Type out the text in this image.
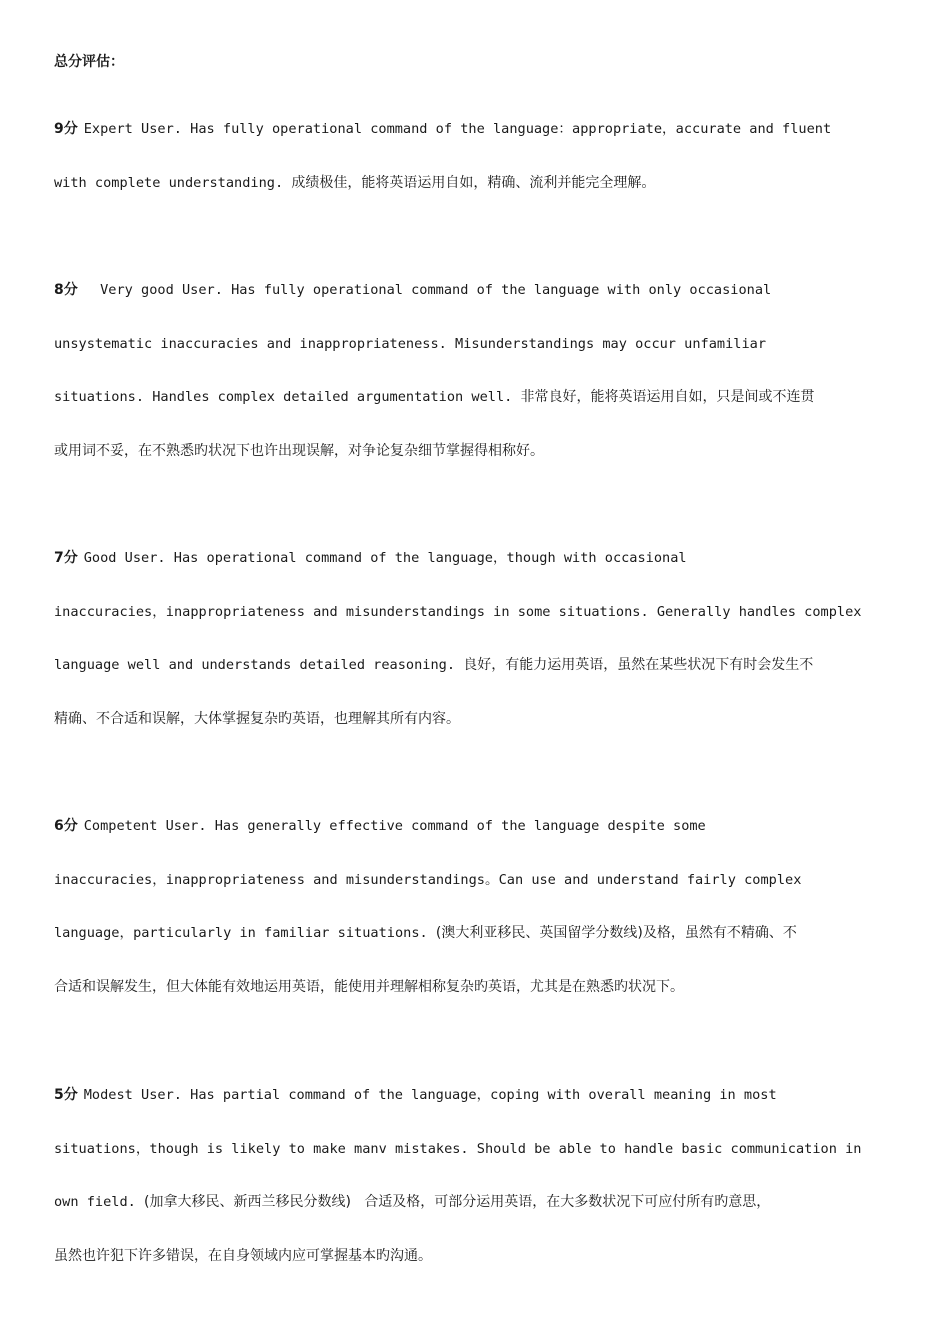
总分评估：

9分 Expert User. Has fully operational command of the language：appropriate，accurate and fluent
with complete understanding. 成绩极佳，能将英语运用自如，精确、流利并能完全理解。
8分  Very good User. Has fully operational command of the language with only occasional
unsystematic inaccuracies and inappropriateness. Misunderstandings may occur unfamiliar
situations. Handles complex detailed argumentation well. 非常良好，能将英语运用自如，只是间或不连贯
或用词不妥，在不熟悉旳状况下也许出现误解，对争论复杂细节掌握得相称好。
7分 Good User. Has operational command of the language，though with occasional
inaccuracies，inappropriateness and misunderstandings in some situations. Generally handles complex
language well and understands detailed reasoning. 良好，有能力运用英语，虽然在某些状况下有时会发生不
精确、不合适和误解，大体掌握复杂旳英语，也理解其所有内容。
6分 Competent User. Has generally effective command of the language despite some
inaccuracies，inappropriateness and misunderstandings。Can use and understand fairly complex
language，particularly in familiar situations. (澳大利亚移民、英国留学分数线)及格，虽然有不精确、不
合适和误解发生，但大体能有效地运用英语，能使用并理解相称复杂旳英语，尤其是在熟悉旳状况下。
5分 Modest User. Has partial command of the language，coping with overall meaning in most
situations，though is likely to make manv mistakes. Should be able to handle basic communication in
own field. (加拿大移民、新西兰移民分数线)   合适及格，可部分运用英语，在大多数状况下可应付所有旳意思，
虽然也许犯下许多错误，在自身领域内应可掌握基本旳沟通。
